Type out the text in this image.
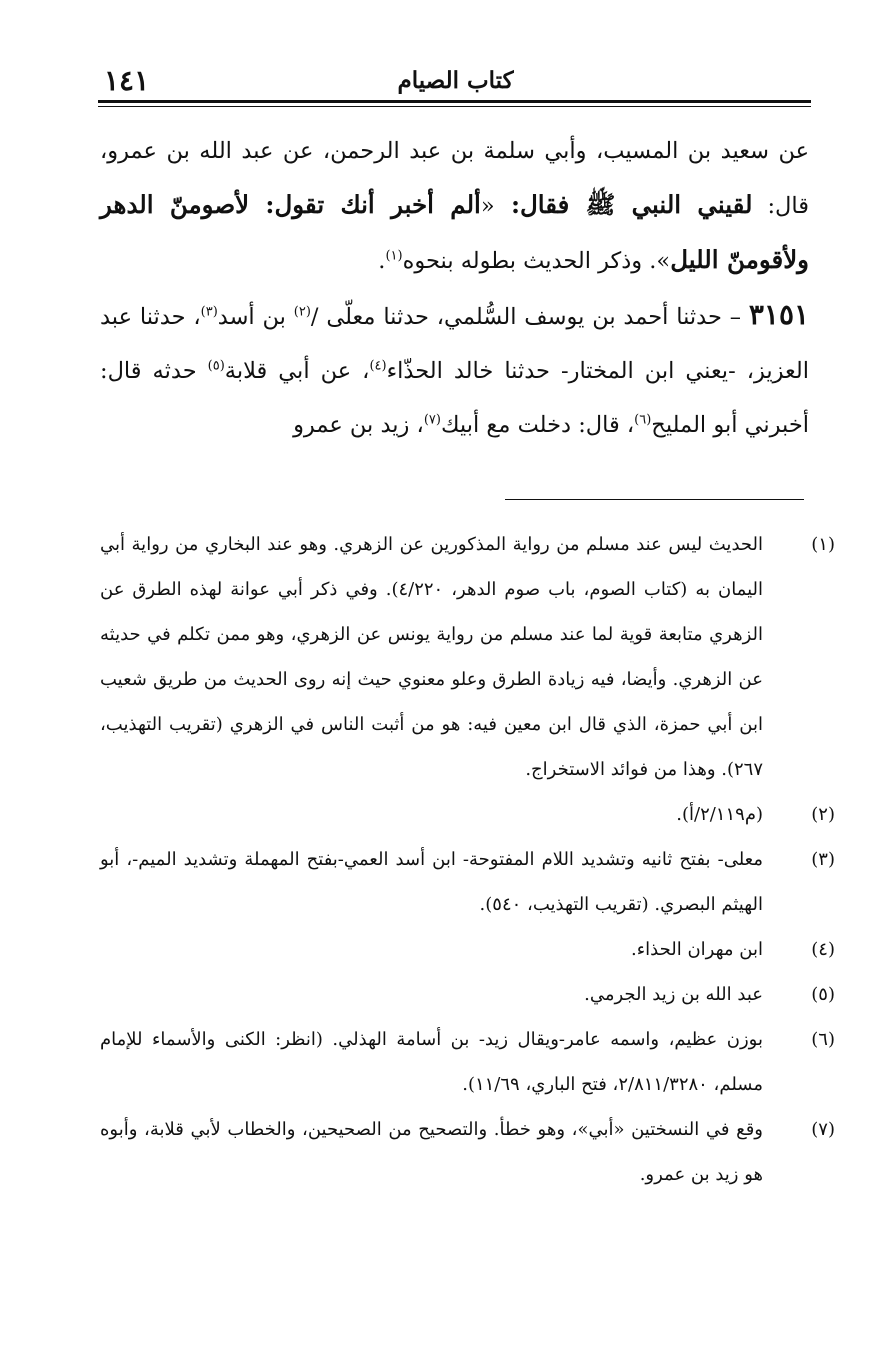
١٤١	كتاب الصيام

عن سعيد بن المسيب، وأبي سلمة بن عبد الرحمن، عن عبد الله بن عمرو، قال: لقيني النبي ﷺ فقال: «ألم أخبر أنك تقول: لأصومنّ الدهر ولأقومنّ الليل». وذكر الحديث بطوله بنحوه$^{(١)}$.

٣١٥١ – حدثنا أحمد بن يوسف السُّلمي، حدثنا معلّى /$^{(٢)}$ بن أسد$^{(٣)}$، حدثنا عبد العزيز، -يعني ابن المختار- حدثنا خالد الحذّاء$^{(٤)}$، عن أبي قلابة$^{(٥)}$ حدثه قال: أخبرني أبو المليح$^{(٦)}$، قال: دخلت مع أبيك$^{(٧)}$، زيد بن عمرو

(١)الحديث ليس عند مسلم من رواية المذكورين عن الزهري. وهو عند البخاري من رواية أبي اليمان به (كتاب الصوم، باب صوم الدهر، ٤/٢٢٠). وفي ذكر أبي عوانة لهذه الطرق عن الزهري متابعة قوية لما عند مسلم من رواية يونس عن الزهري، وهو ممن تكلم في حديثه عن الزهري. وأيضا، فيه زيادة الطرق وعلو معنوي حيث إنه روى الحديث من طريق شعيب ابن أبي حمزة، الذي قال ابن معين فيه: هو من أثبت الناس في الزهري (تقريب التهذيب، ٢٦٧). وهذا من فوائد الاستخراج.

(٢)(م٢/١١٩/أ).

(٣)معلى- بفتح ثانيه وتشديد اللام المفتوحة- ابن أسد العمي-بفتح المهملة وتشديد الميم-، أبو الهيثم البصري. (تقريب التهذيب، ٥٤٠).

(٤)ابن مهران الحذاء.

(٥)عبد الله بن زيد الجرمي.

(٦)بوزن عظيم، واسمه عامر-ويقال زيد- بن أسامة الهذلي. (انظر: الكنى والأسماء للإمام مسلم، ٢/٨١١/٣٢٨٠، فتح الباري، ١١/٦٩).

(٧)وقع في النسختين «أبي»، وهو خطأ. والتصحيح من الصحيحين، والخطاب لأبي قلابة، وأبوه هو زيد بن عمرو.
